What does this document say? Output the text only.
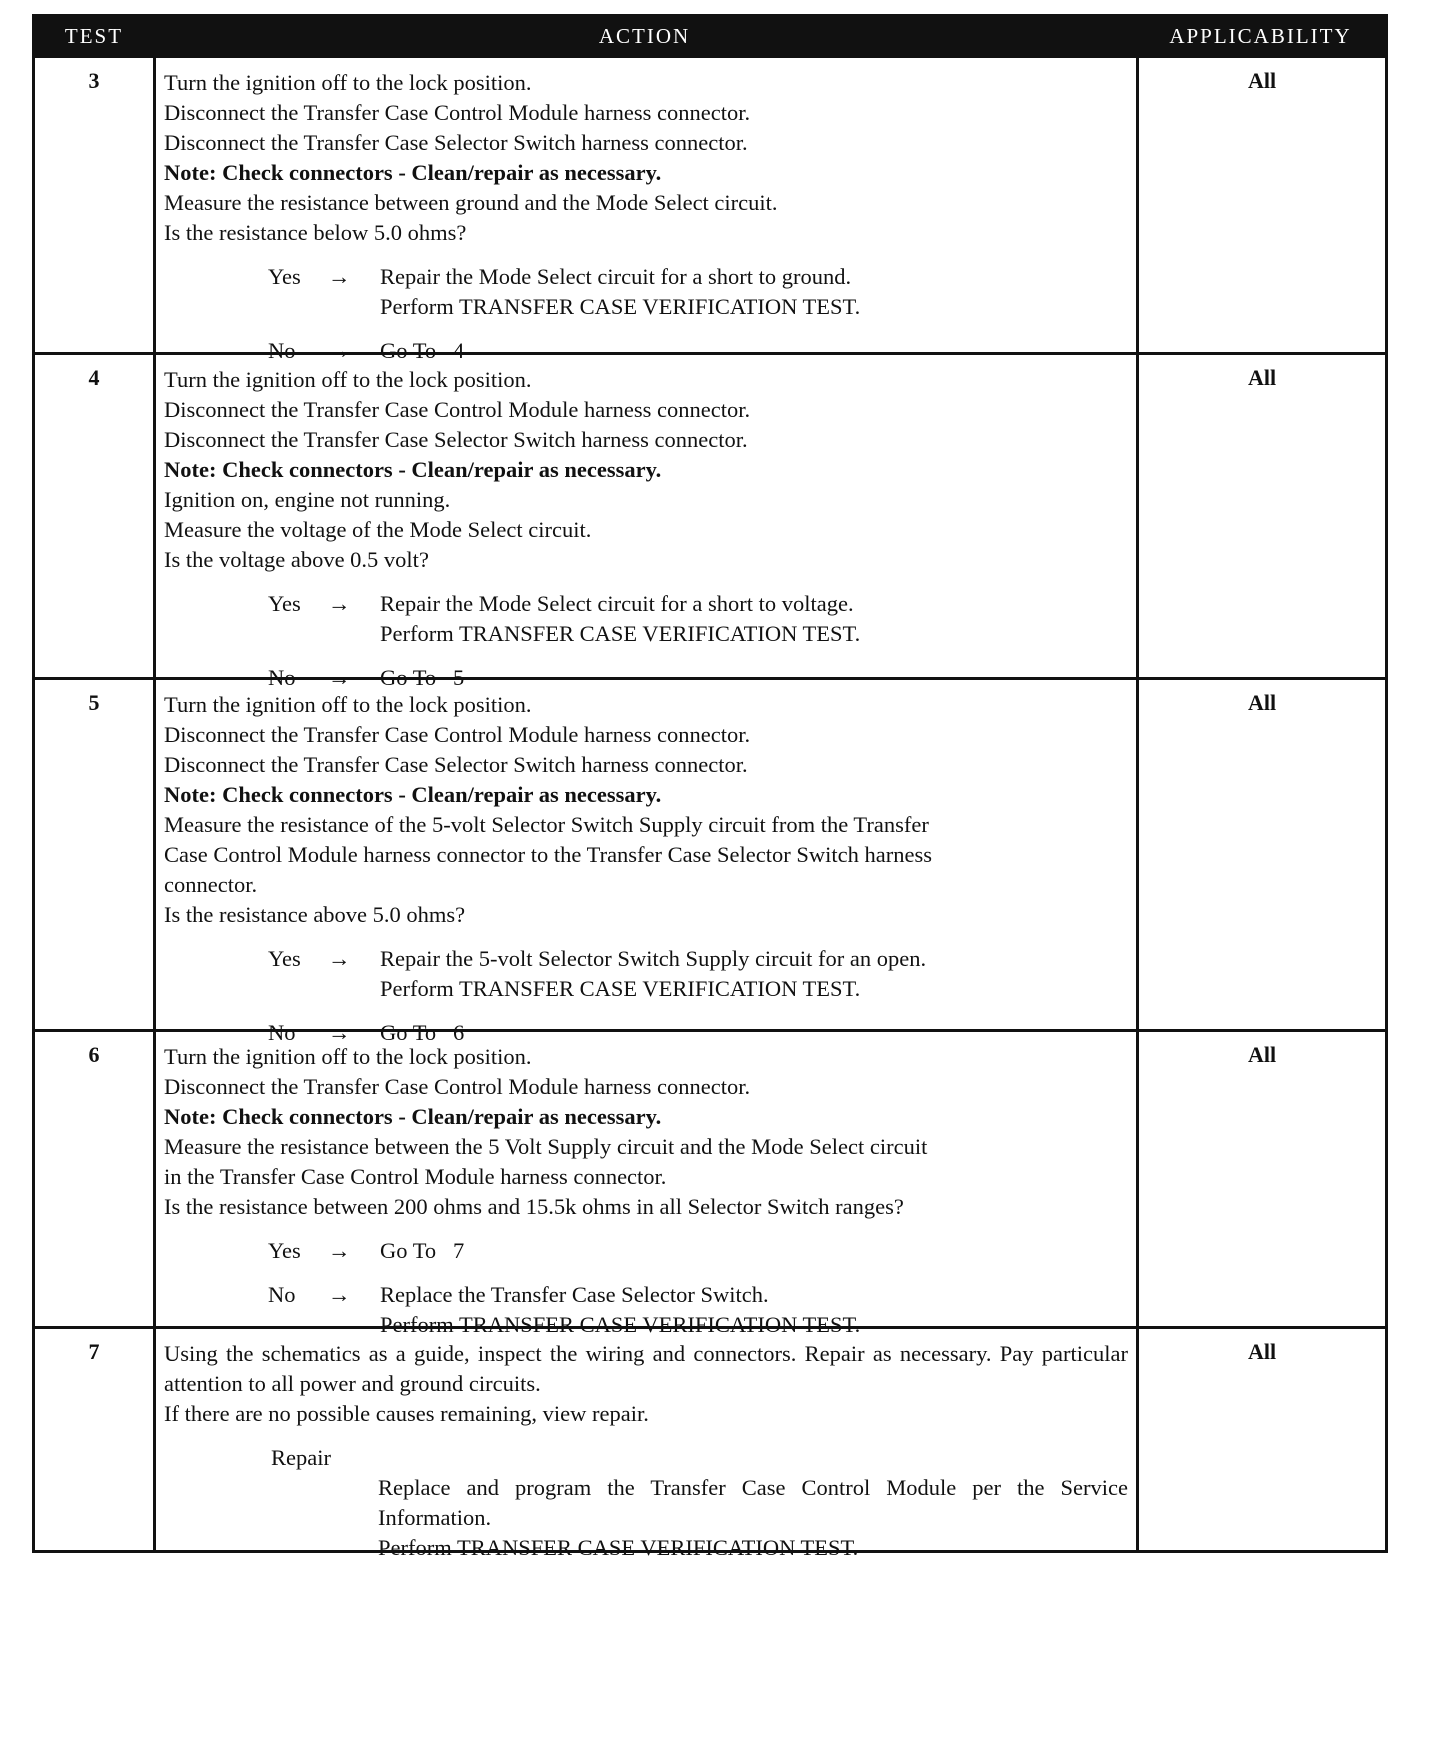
TEST	ACTION	APPLICABILITY
3	Turn the ignition off to the lock position.
Disconnect the Transfer Case Control Module harness connector.
Disconnect the Transfer Case Selector Switch harness connector.
Note: Check connectors - Clean/repair as necessary.
Measure the resistance between ground and the Mode Select circuit.
Is the resistance below 5.0 ohms?
Yes	→	Repair the Mode Select circuit for a short to ground.
Perform TRANSFER CASE VERIFICATION TEST.
No	→	Go To   4
All
4	Turn the ignition off to the lock position.
Disconnect the Transfer Case Control Module harness connector.
Disconnect the Transfer Case Selector Switch harness connector.
Note: Check connectors - Clean/repair as necessary.
Ignition on, engine not running.
Measure the voltage of the Mode Select circuit.
Is the voltage above 0.5 volt?
Yes	→	Repair the Mode Select circuit for a short to voltage.
Perform TRANSFER CASE VERIFICATION TEST.
No	→	Go To   5
All
5	Turn the ignition off to the lock position.
Disconnect the Transfer Case Control Module harness connector.
Disconnect the Transfer Case Selector Switch harness connector.
Note: Check connectors - Clean/repair as necessary.
Measure the resistance of the 5-volt Selector Switch Supply circuit from the Transfer
Case Control Module harness connector to the Transfer Case Selector Switch harness
connector.
Is the resistance above 5.0 ohms?
Yes	→	Repair the 5-volt Selector Switch Supply circuit for an open.
Perform TRANSFER CASE VERIFICATION TEST.
No	→	Go To   6
All
6	Turn the ignition off to the lock position.
Disconnect the Transfer Case Control Module harness connector.
Note: Check connectors - Clean/repair as necessary.
Measure the resistance between the 5 Volt Supply circuit and the Mode Select circuit
in the Transfer Case Control Module harness connector.
Is the resistance between 200 ohms and 15.5k ohms in all Selector Switch ranges?
Yes	→	Go To   7
No	→	Replace the Transfer Case Selector Switch.
Perform TRANSFER CASE VERIFICATION TEST.
All
7	Using the schematics as a guide, inspect the wiring and connectors. Repair as necessary. Pay particular attention to all power and ground circuits.
If there are no possible causes remaining, view repair.
Repair
Replace and program the Transfer Case Control Module per the Service Information.
Perform TRANSFER CASE VERIFICATION TEST.
All
